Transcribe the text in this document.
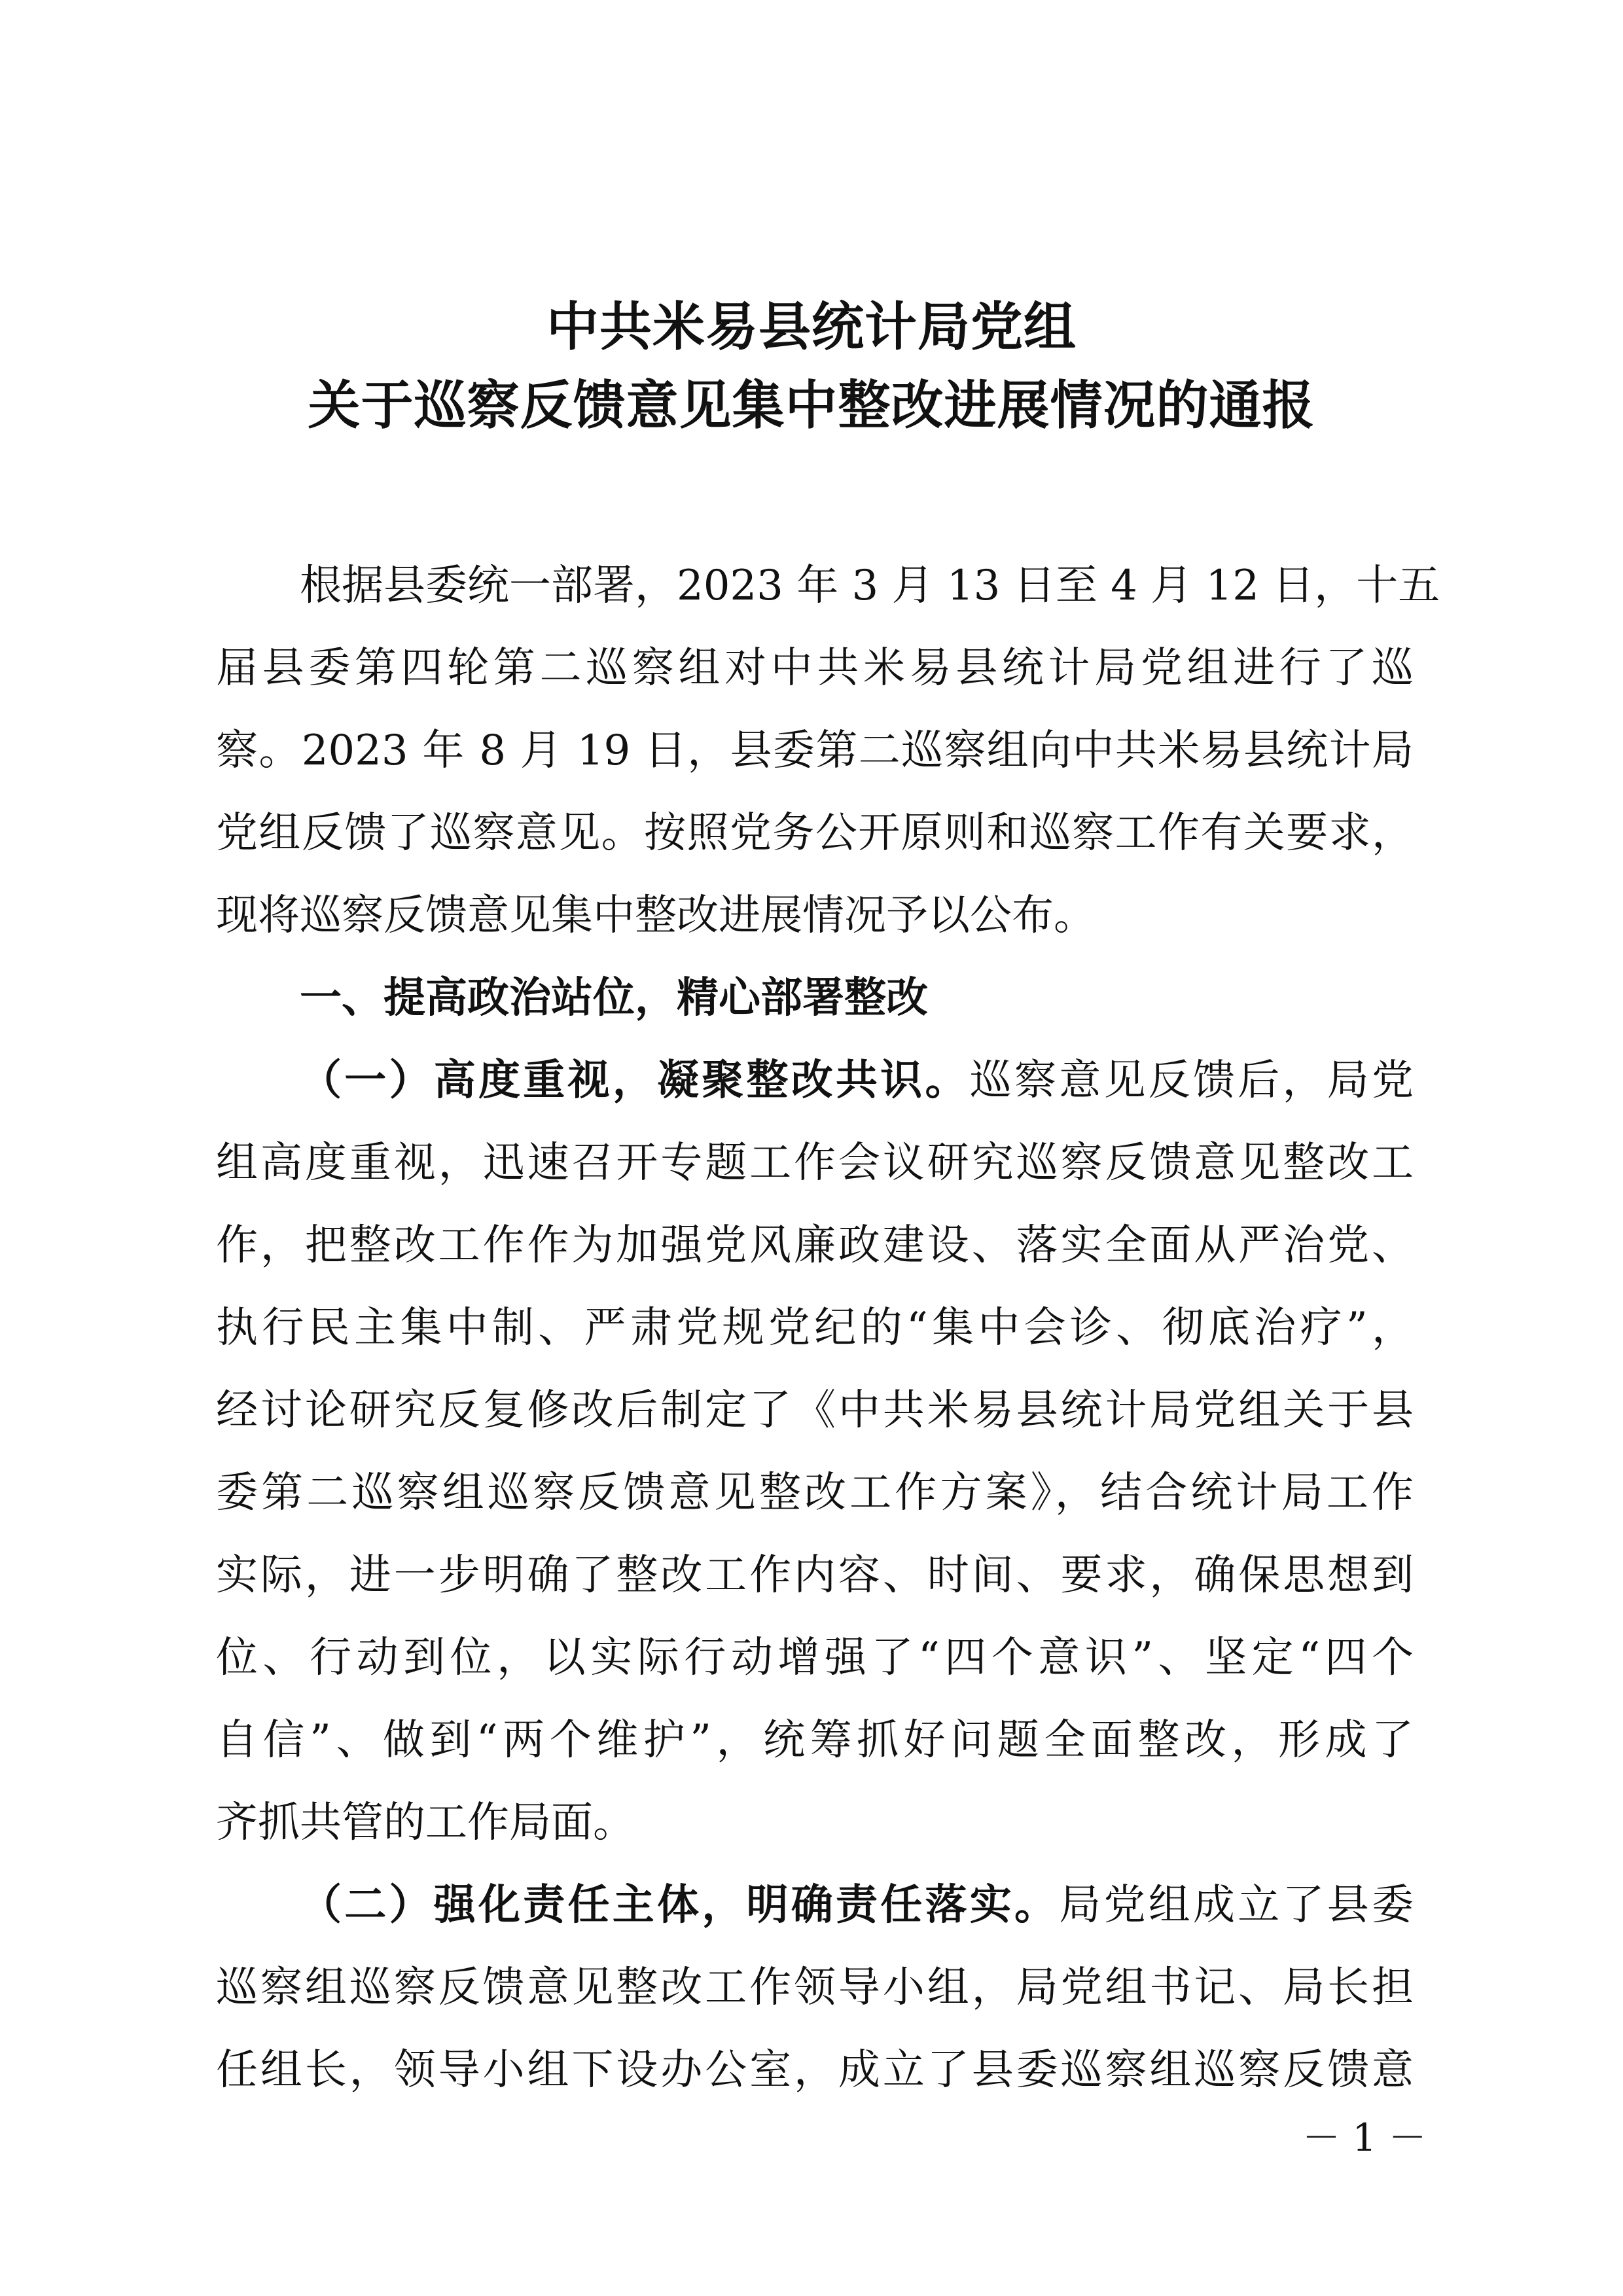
中共米易县统计局党组
关于巡察反馈意见集中整改进展情况的通报

根据县委统一部署，2023 年 3 月 13 日至 4 月 12 日，十五

届县委第四轮第二巡察组对中共米易县统计局党组进行了巡

察。2023 年 8 月 19 日，县委第二巡察组向中共米易县统计局

党组反馈了巡察意见。按照党务公开原则和巡察工作有关要求，

现将巡察反馈意见集中整改进展情况予以公布。

一、提高政治站位，精心部署整改

（一）高度重视，凝聚整改共识。巡察意见反馈后，局党

组高度重视，迅速召开专题工作会议研究巡察反馈意见整改工

作，把整改工作作为加强党风廉政建设、落实全面从严治党、

执行民主集中制、严肃党规党纪的“集中会诊、彻底治疗”，

经讨论研究反复修改后制定了《中共米易县统计局党组关于县

委第二巡察组巡察反馈意见整改工作方案》，结合统计局工作

实际，进一步明确了整改工作内容、时间、要求，确保思想到

位、行动到位，以实际行动增强了“四个意识”、坚定“四个

自信”、做到“两个维护”，统筹抓好问题全面整改，形成了

齐抓共管的工作局面。

（二）强化责任主体，明确责任落实。局党组成立了县委

巡察组巡察反馈意见整改工作领导小组，局党组书记、局长担

任组长，领导小组下设办公室，成立了县委巡察组巡察反馈意

－ 1 －
